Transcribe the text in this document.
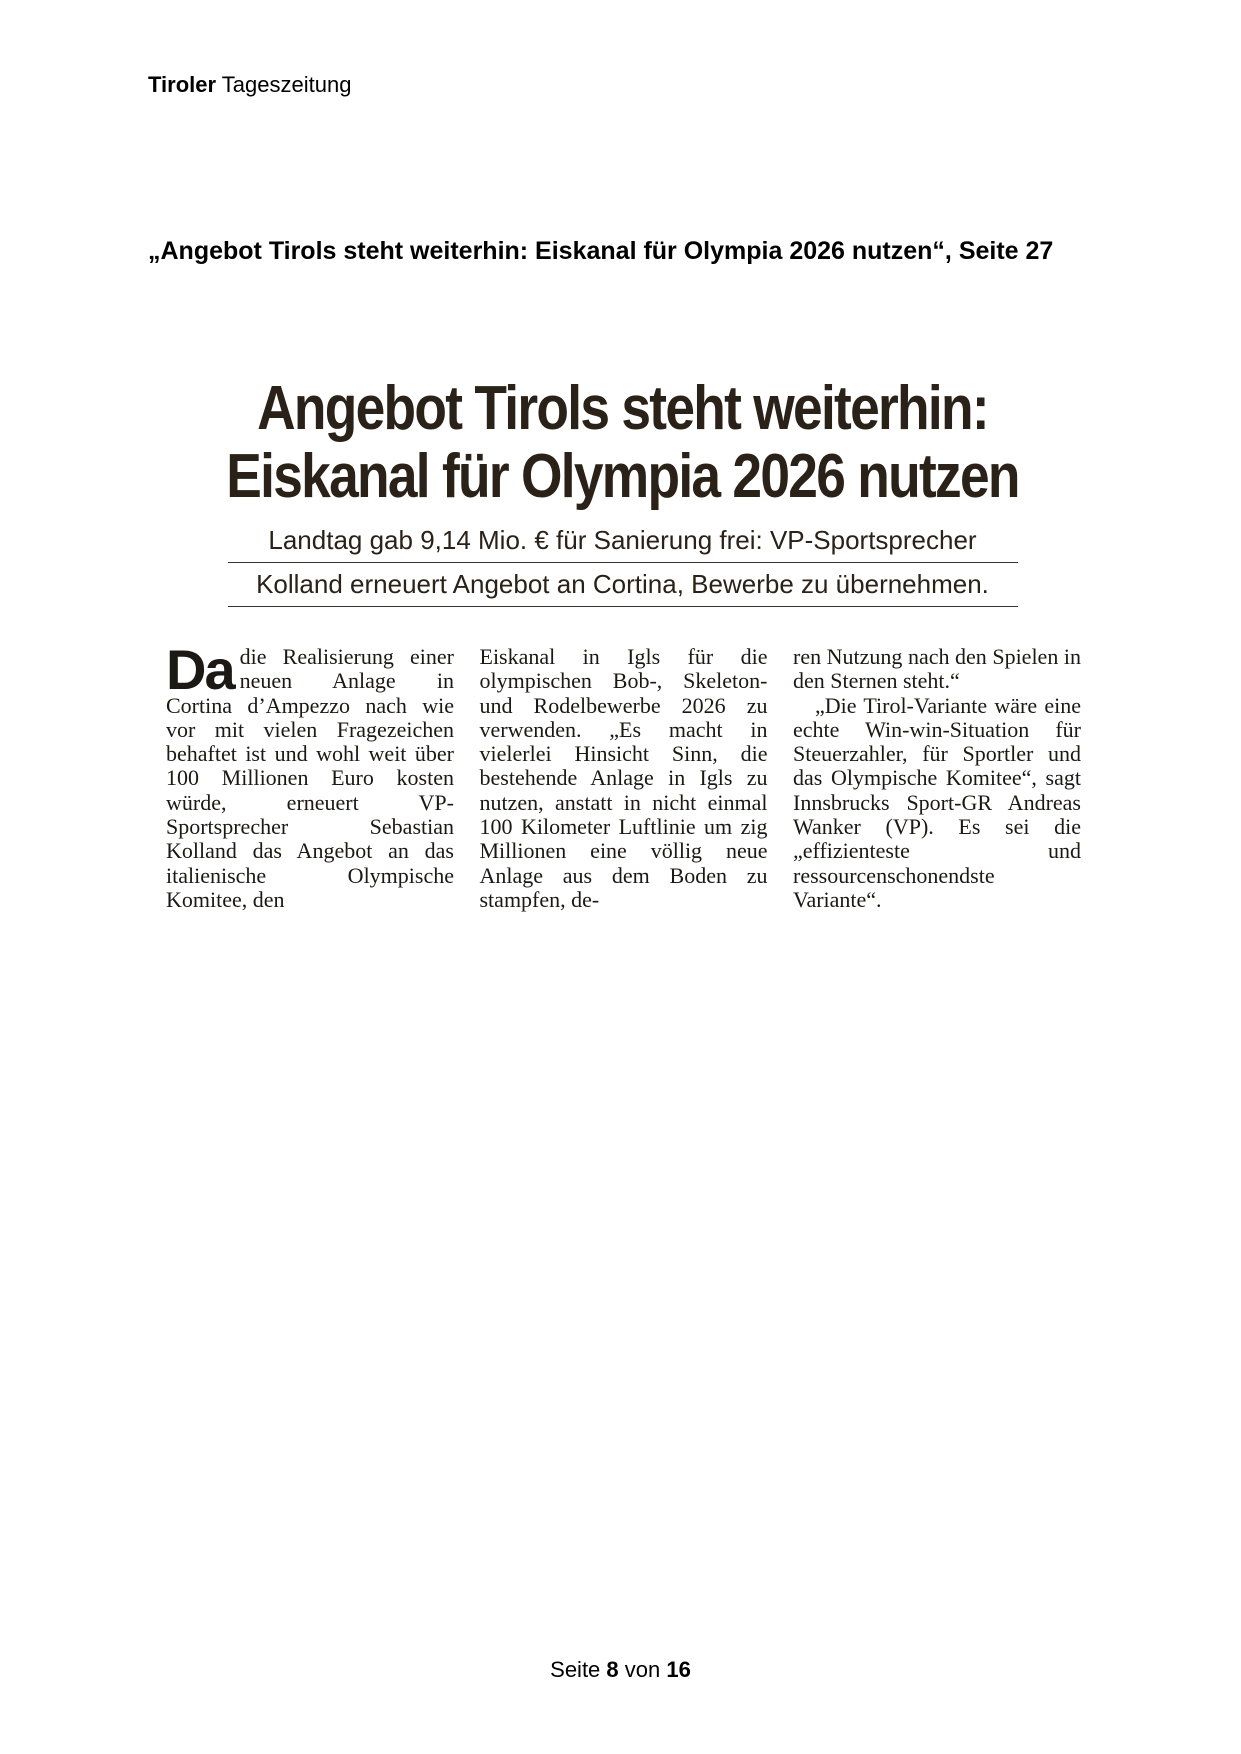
Tiroler Tageszeitung
„Angebot Tirols steht weiterhin: Eiskanal für Olympia 2026 nutzen“, Seite 27
Angebot Tirols steht weiterhin:
Eiskanal für Olympia 2026 nutzen
Landtag gab 9,14 Mio. € für Sanierung frei: VP-Sportsprecher
Kolland erneuert Angebot an Cortina, Bewerbe zu übernehmen.

Da die Realisierung einer neuen Anlage in Cortina d’Ampezzo nach wie vor mit vielen Fragezeichen behaftet ist und wohl weit über 100 Millionen Euro kosten würde, erneuert VP-Sportsprecher Sebastian Kolland das Angebot an das italienische Olympische Komitee, den

Eiskanal in Igls für die olympischen Bob-, Skeleton- und Rodelbewerbe 2026 zu verwenden. „Es macht in vielerlei Hinsicht Sinn, die bestehende Anlage in Igls zu nutzen, anstatt in nicht einmal 100 Kilometer Luftlinie um zig Millionen eine völlig neue Anlage aus dem Boden zu stampfen, de-

ren Nutzung nach den Spielen in den Sternen steht.“

„Die Tirol-Variante wäre eine echte Win-win-Situation für Steuerzahler, für Sportler und das Olympische Komitee“, sagt Innsbrucks Sport-GR Andreas Wanker (VP). Es sei die „effizienteste und ressourcenschonendste Variante“.

Seite 8 von 16
